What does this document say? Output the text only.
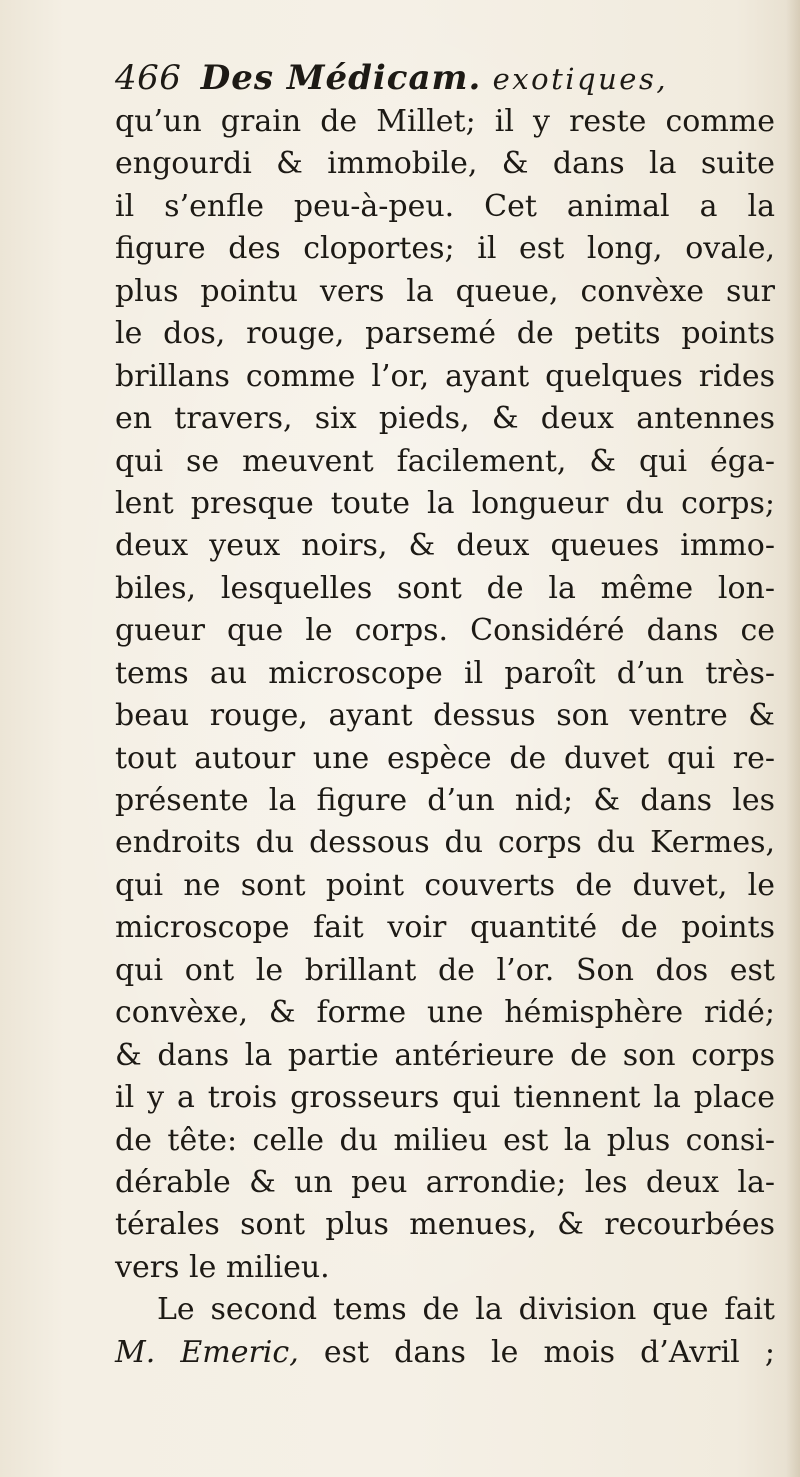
466 Des Médicam. exotiques,
qu’un grain de Millet; il y reste comme
engourdi & immobile, & dans la suite
il s’enfle peu-à-peu. Cet animal a la
figure des cloportes; il est long, ovale,
plus pointu vers la queue, convèxe sur
le dos, rouge, parsemé de petits points
brillans comme l’or, ayant quelques rides
en travers, six pieds, & deux antennes
qui se meuvent facilement, & qui éga-
lent presque toute la longueur du corps;
deux yeux noirs, & deux queues immo-
biles, lesquelles sont de la même lon-
gueur que le corps. Considéré dans ce
tems au microscope il paroît d’un très-
beau rouge, ayant dessus son ventre &
tout autour une espèce de duvet qui re-
présente la figure d’un nid; & dans les
endroits du dessous du corps du Kermes,
qui ne sont point couverts de duvet, le
microscope fait voir quantité de points
qui ont le brillant de l’or. Son dos est
convèxe, & forme une hémisphère ridé;
& dans la partie antérieure de son corps
il y a trois grosseurs qui tiennent la place
de tête: celle du milieu est la plus consi-
dérable & un peu arrondie; les deux la-
térales sont plus menues, & recourbées
vers le milieu.
Le second tems de la division que fait
M. Emeric, est dans le mois d’Avril ;
